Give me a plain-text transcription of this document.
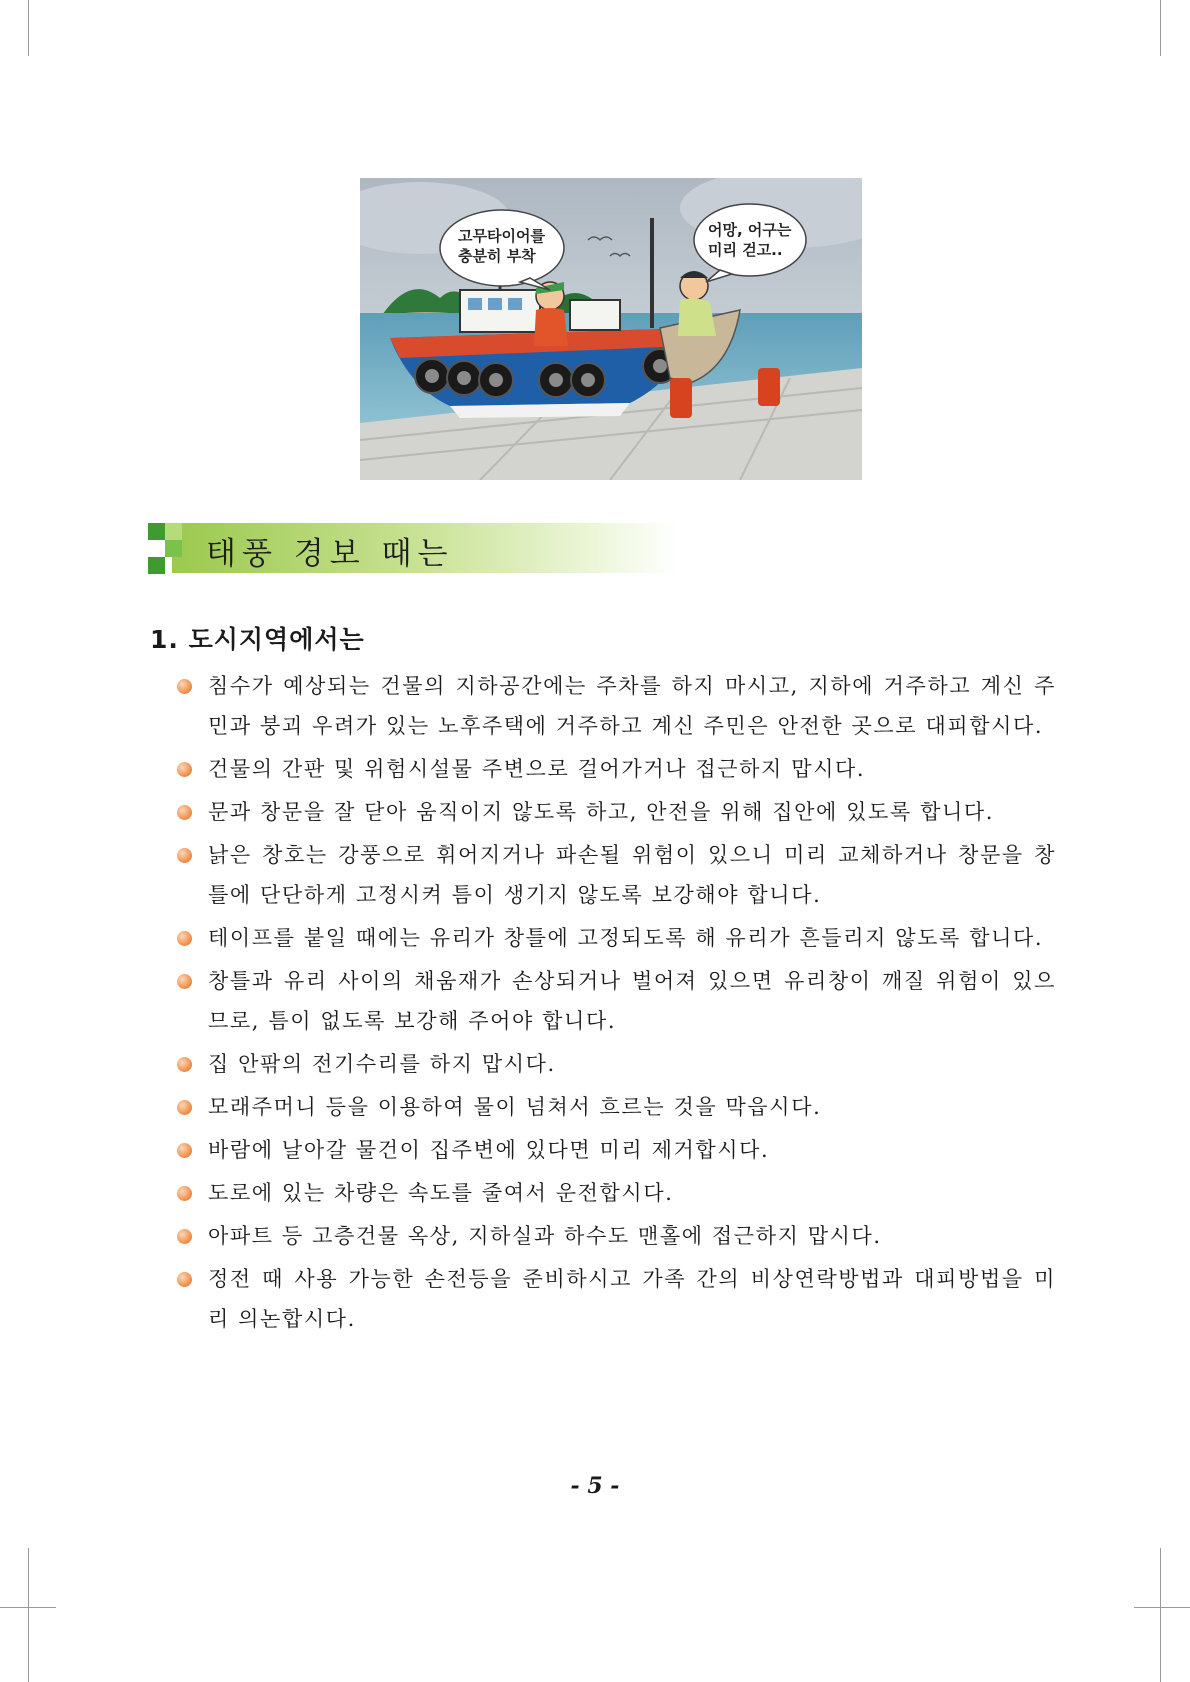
고무타이어를
충분히 부착
어망, 어구는
미리 걷고..
태풍 경보 때는
1. 도시지역에서는
침수가 예상되는 건물의 지하공간에는 주차를 하지 마시고, 지하에 거주하고 계신 주민과 붕괴 우려가 있는 노후주택에 거주하고 계신 주민은 안전한 곳으로 대피합시다.
건물의 간판 및 위험시설물 주변으로 걸어가거나 접근하지 맙시다.
문과 창문을 잘 닫아 움직이지 않도록 하고, 안전을 위해 집안에 있도록 합니다.
낡은 창호는 강풍으로 휘어지거나 파손될 위험이 있으니 미리 교체하거나 창문을 창틀에 단단하게 고정시켜 틈이 생기지 않도록 보강해야 합니다.
테이프를 붙일 때에는 유리가 창틀에 고정되도록 해 유리가 흔들리지 않도록 합니다.
창틀과 유리 사이의 채움재가 손상되거나 벌어져 있으면 유리창이 깨질 위험이 있으므로, 틈이 없도록 보강해 주어야 합니다.
집 안팎의 전기수리를 하지 맙시다.
모래주머니 등을 이용하여 물이 넘쳐서 흐르는 것을 막읍시다.
바람에 날아갈 물건이 집주변에 있다면 미리 제거합시다.
도로에 있는 차량은 속도를 줄여서 운전합시다.
아파트 등 고층건물 옥상, 지하실과 하수도 맨홀에 접근하지 맙시다.
정전 때 사용 가능한 손전등을 준비하시고 가족 간의 비상연락방법과 대피방법을 미리 의논합시다.
- 5 -
